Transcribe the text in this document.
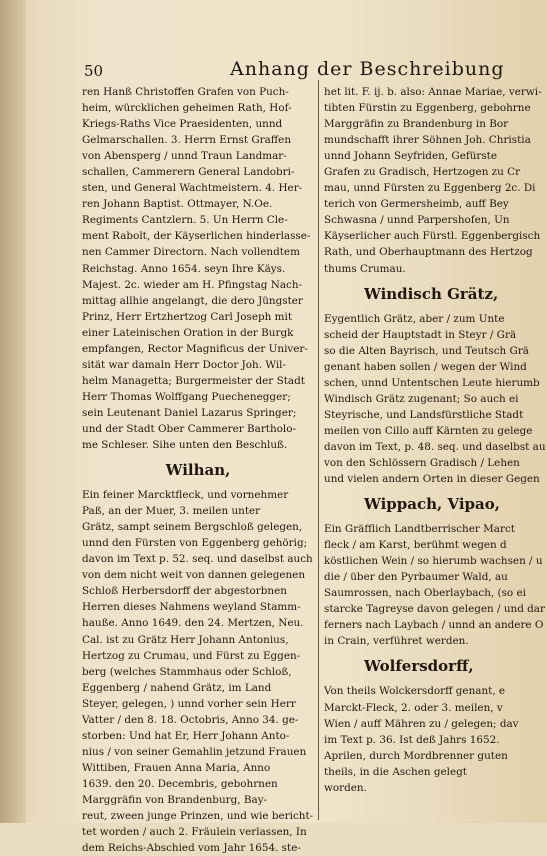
50	Anhang der Beschreibung
ren Hanß Christoffen Grafen von Puch-
heim, würcklichen geheimen Rath, Hof-
Kriegs-Raths Vice Praesidenten, unnd
Gelmarschallen. 3. Herrn Ernst Graffen
von Abensperg / unnd Traun Landmar-
schallen, Cammerern General Landobri-
sten, und General Wachtmeistern. 4. Her-
ren Johann Baptist. Ottmayer, N.Oe.
Regiments Cantzlern. 5. Un Herrn Cle-
ment Rabolt, der Käyserlichen hinderlasse-
nen Cammer Directorn. Nach vollendtem
Reichstag. Anno 1654. seyn Ihre Käys.
Majest. 2c. wieder am H. Pfingstag Nach-
mittag allhie angelangt, die dero Jüngster
Prinz, Herr Ertzhertzog Carl Joseph mit
einer Lateinischen Oration in der Burgk
empfangen, Rector Magnificus der Univer-
sität war damaln Herr Doctor Joh. Wil-
helm Managetta; Burgermeister der Stadt
Herr Thomas Wolffgang Puechenegger;
sein Leutenant Daniel Lazarus Springer;
und der Stadt Ober Cammerer Bartholo-
me Schleser. Sihe unten den Beschluß.
Wilhan,
Ein feiner Marcktfleck, und vornehmer
Paß, an der Muer, 3. meilen unter
Grätz, sampt seinem Bergschloß gelegen,
unnd den Fürsten von Eggenberg gehörig;
davon im Text p. 52. seq. und daselbst auch
von dem nicht weit von dannen gelegenen
Schloß Herbersdorff der abgestorbnen
Herren dieses Nahmens weyland Stamm-
hauße. Anno 1649. den 24. Mertzen, Neu.
Cal. ist zu Grätz Herr Johann Antonius,
Hertzog zu Crumau, und Fürst zu Eggen-
berg (welches Stammhaus oder Schloß,
Eggenberg / nahend Grätz, im Land
Steyer, gelegen, ) unnd vorher sein Herr
Vatter / den 8. 18. Octobris, Anno 34. ge-
storben: Und hat Er, Herr Johann Anto-
nius / von seiner Gemahlin jetzund Frauen
Wittiben, Frauen Anna Maria, Anno
1639. den 20. Decembris, gebohrnen
Marggräfin von Brandenburg, Bay-
reut, zween junge Prinzen, und wie bericht-
tet worden / auch 2. Fräulein verlassen, In
dem Reichs-Abschied vom Jahr 1654. ste-
het lit. F. ij. b. also: Annae Mariae, verwi-
tibten Fürstin zu Eggenberg, gebohrne
Marggräfin zu Brandenburg in Bor
mundschafft ihrer Söhnen Joh. Christia
unnd Johann Seyfriden, Gefürste
Grafen zu Gradisch, Hertzogen zu Cr
mau, unnd Fürsten zu Eggenberg 2c. Di
terich von Germersheimb, auff Bey
Schwasna / unnd Parpershofen, Un
Käyserlicher auch Fürstl. Eggenbergisch
Rath, und Oberhauptmann des Hertzog
thums Crumau.
Windisch Grätz,
Eygentlich Grätz, aber / zum Unte
scheid der Hauptstadt in Steyr / Grä
so die Alten Bayrisch, und Teutsch Grä
genant haben sollen / wegen der Wind
schen, unnd Untentschen Leute hierumb
Windisch Grätz zugenant; So auch ei
Steyrische, und Landsfürstliche Stadt
meilen von Cillo auff Kärnten zu gelege
davon im Text, p. 48. seq. und daselbst au
von den Schlössern Gradisch / Lehen
und vielen andern Orten in dieser Gegen
Wippach, Vipao,
Ein Gräfflich Landtberrischer Marct
fleck / am Karst, berühmt wegen d
köstlichen Wein / so hierumb wachsen / u
die / über den Pyrbaumer Wald, au
Saumrossen, nach Oberlaybach, (so ei
starcke Tagreyse davon gelegen / und dar
ferners nach Laybach / unnd an andere O
in Crain, verführet werden.
Wolfersdorff,
Von theils Wolckersdorff genant, e
Marckt-Fleck, 2. oder 3. meilen, v
Wien / auff Mähren zu / gelegen; dav
im Text p. 36. Ist deß Jahrs 1652.
Aprilen, durch Mordbrenner guten
theils, in die Aschen gelegt
worden.
